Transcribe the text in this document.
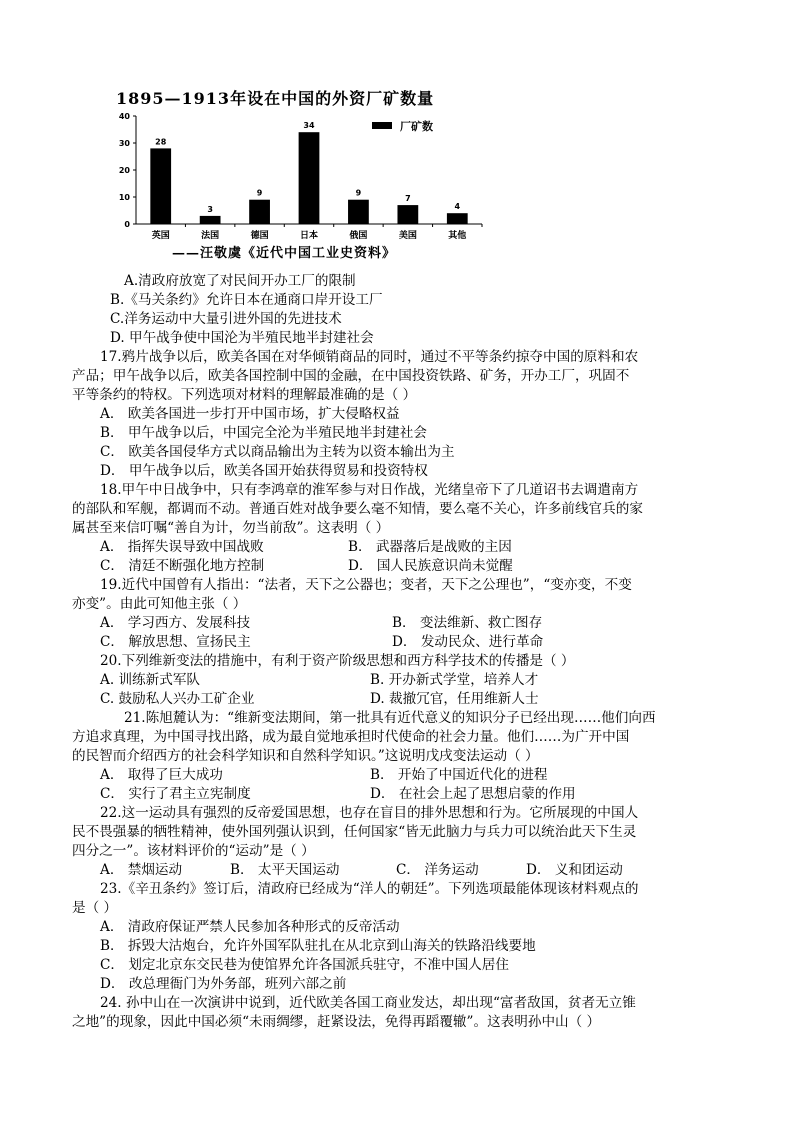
1895—1913年设在中国的外资厂矿数量
0
10
20
30
40
28
英国
3
法国
9
德国
34
日本
9
俄国
7
美国
4
其他
厂矿数
——汪敬虞《近代中国工业史资料》
A.清政府放宽了对民间开办工厂的限制
B.《马关条约》允许日本在通商口岸开设工厂
C.洋务运动中大量引进外国的先进技术
D. 甲午战争使中国沦为半殖民地半封建社会
17.鸦片战争以后，欧美各国在对华倾销商品的同时，通过不平等条约掠夺中国的原料和农
产品；甲午战争以后，欧美各国控制中国的金融，在中国投资铁路、矿务，开办工厂，巩固不
平等条约的特权。下列选项对材料的理解最准确的是（ ）
A． 欧美各国进一步打开中国市场，扩大侵略权益
B． 甲午战争以后，中国完全沦为半殖民地半封建社会
C． 欧美各国侵华方式以商品输出为主转为以资本输出为主
D． 甲午战争以后，欧美各国开始获得贸易和投资特权
18.甲午中日战争中，只有李鸿章的淮军参与对日作战，光绪皇帝下了几道诏书去调遣南方
的部队和军舰，都调而不动。普通百姓对战争要么毫不知情，要么毫不关心，许多前线官兵的家
属甚至来信叮嘱“善自为计，勿当前敌”。这表明（ ）
A． 指挥失误导致中国战败	B． 武器落后是战败的主因
C． 清廷不断强化地方控制	D． 国人民族意识尚未觉醒
19.近代中国曾有人指出：“法者，天下之公器也；变者，天下之公理也”，“变亦变，不变
亦变”。由此可知他主张（ ）
A． 学习西方、发展科技	B． 变法维新、救亡图存
C． 解放思想、宣扬民主	D． 发动民众、进行革命
20.下列维新变法的措施中，有利于资产阶级思想和西方科学技术的传播是（ ）
A. 训练新式军队	B. 开办新式学堂，培养人才
C. 鼓励私人兴办工矿企业	D. 裁撤冗官，任用维新人士
21.陈旭麓认为：“维新变法期间，第一批具有近代意义的知识分子已经出现……他们向西
方追求真理，为中国寻找出路，成为最自觉地承担时代使命的社会力量。他们……为广开中国
的民智而介绍西方的社会科学知识和自然科学知识。”这说明戊戌变法运动（ ）
A． 取得了巨大成功	B． 开始了中国近代化的进程
C． 实行了君主立宪制度	D． 在社会上起了思想启蒙的作用
22.这一运动具有强烈的反帝爱国思想，也存在盲目的排外思想和行为。它所展现的中国人
民不畏强暴的牺牲精神，使外国列强认识到，任何国家“皆无此脑力与兵力可以统治此天下生灵
四分之一”。该材料评价的“运动”是（ ）
A． 禁烟运动	B． 太平天国运动	C． 洋务运动	D． 义和团运动
23.《辛丑条约》签订后，清政府已经成为“洋人的朝廷”。下列选项最能体现该材料观点的
是（ ）
A． 清政府保证严禁人民参加各种形式的反帝活动
B． 拆毁大沽炮台，允许外国军队驻扎在从北京到山海关的铁路沿线要地
C． 划定北京东交民巷为使馆界允许各国派兵驻守，不准中国人居住
D． 改总理衙门为外务部，班列六部之前
24. 孙中山在一次演讲中说到，近代欧美各国工商业发达，却出现“富者敌国，贫者无立锥
之地”的现象，因此中国必须“未雨绸缪，赶紧设法，免得再蹈覆辙”。这表明孙中山（ ）
